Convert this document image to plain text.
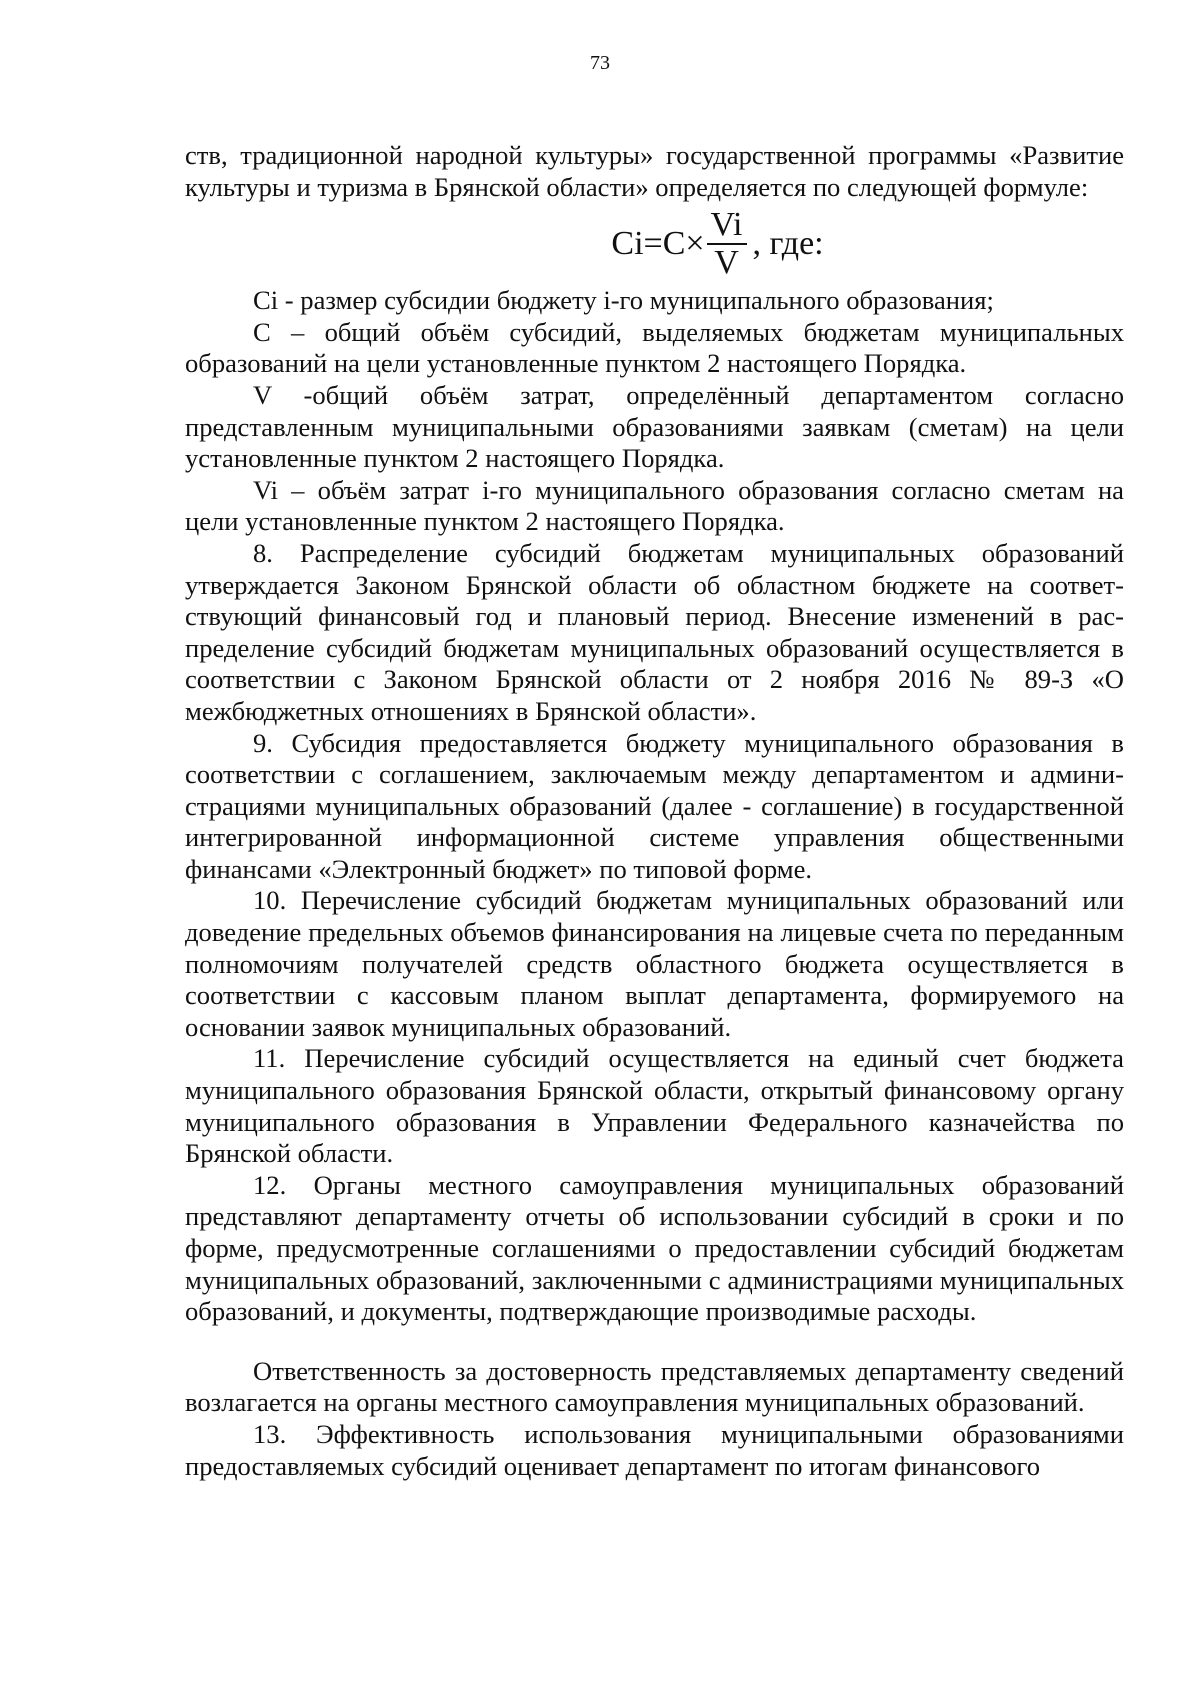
73

ств, традиционной народной культуры» государственной программы «Развитие культуры и туризма в Брянской области» определяется по следующей формуле:

$Ci=C\times \frac{Vi}{V}$ , где:

Ci - размер субсидии бюджету i-го муниципального образования;

С – общий объём субсидий, выделяемых бюджетам муниципальных образований на цели установленные пунктом 2 настоящего Порядка.

V -общий объём затрат, определённый департаментом согласно представленным муниципальными образованиями заявкам (сметам) на цели установленные пунктом 2 настоящего Порядка.

Vi – объём затрат i-го муниципального образования согласно сметам на цели установленные пунктом 2 настоящего Порядка.

8. Распределение субсидий бюджетам муниципальных образований утверждается Законом Брянской области об областном бюджете на соответствующий финансовый год и плановый период. Внесение изменений в распределение субсидий бюджетам муниципальных образований осуществляется в соответствии с Законом Брянской области от 2 ноября 2016 № 89-З «О межбюджетных отношениях в Брянской области».

9. Субсидия предоставляется бюджету муниципального образования в соответствии с соглашением, заключаемым между департаментом и администрациями муниципальных образований (далее - соглашение) в государственной интегрированной информационной системе управления общественными финансами «Электронный бюджет» по типовой форме.

10. Перечисление субсидий бюджетам муниципальных образований или доведение предельных объемов финансирования на лицевые счета по переданным полномочиям получателей средств областного бюджета осуществляется в соответствии с кассовым планом выплат департамента, формируемого на основании заявок муниципальных образований.

11. Перечисление субсидий осуществляется на единый счет бюджета муниципального образования Брянской области, открытый финансовому органу муниципального образования в Управлении Федерального казначейства по Брянской области.

12. Органы местного самоуправления муниципальных образований представляют департаменту отчеты об использовании субсидий в сроки и по форме, предусмотренные соглашениями о предоставлении субсидий бюджетам муниципальных образований, заключенными с администрациями муниципальных образований, и документы, подтверждающие производимые расходы.

Ответственность за достоверность представляемых департаменту сведений возлагается на органы местного самоуправления муниципальных образований.

13. Эффективность использования муниципальными образованиями предоставляемых субсидий оценивает департамент по итогам финансового
